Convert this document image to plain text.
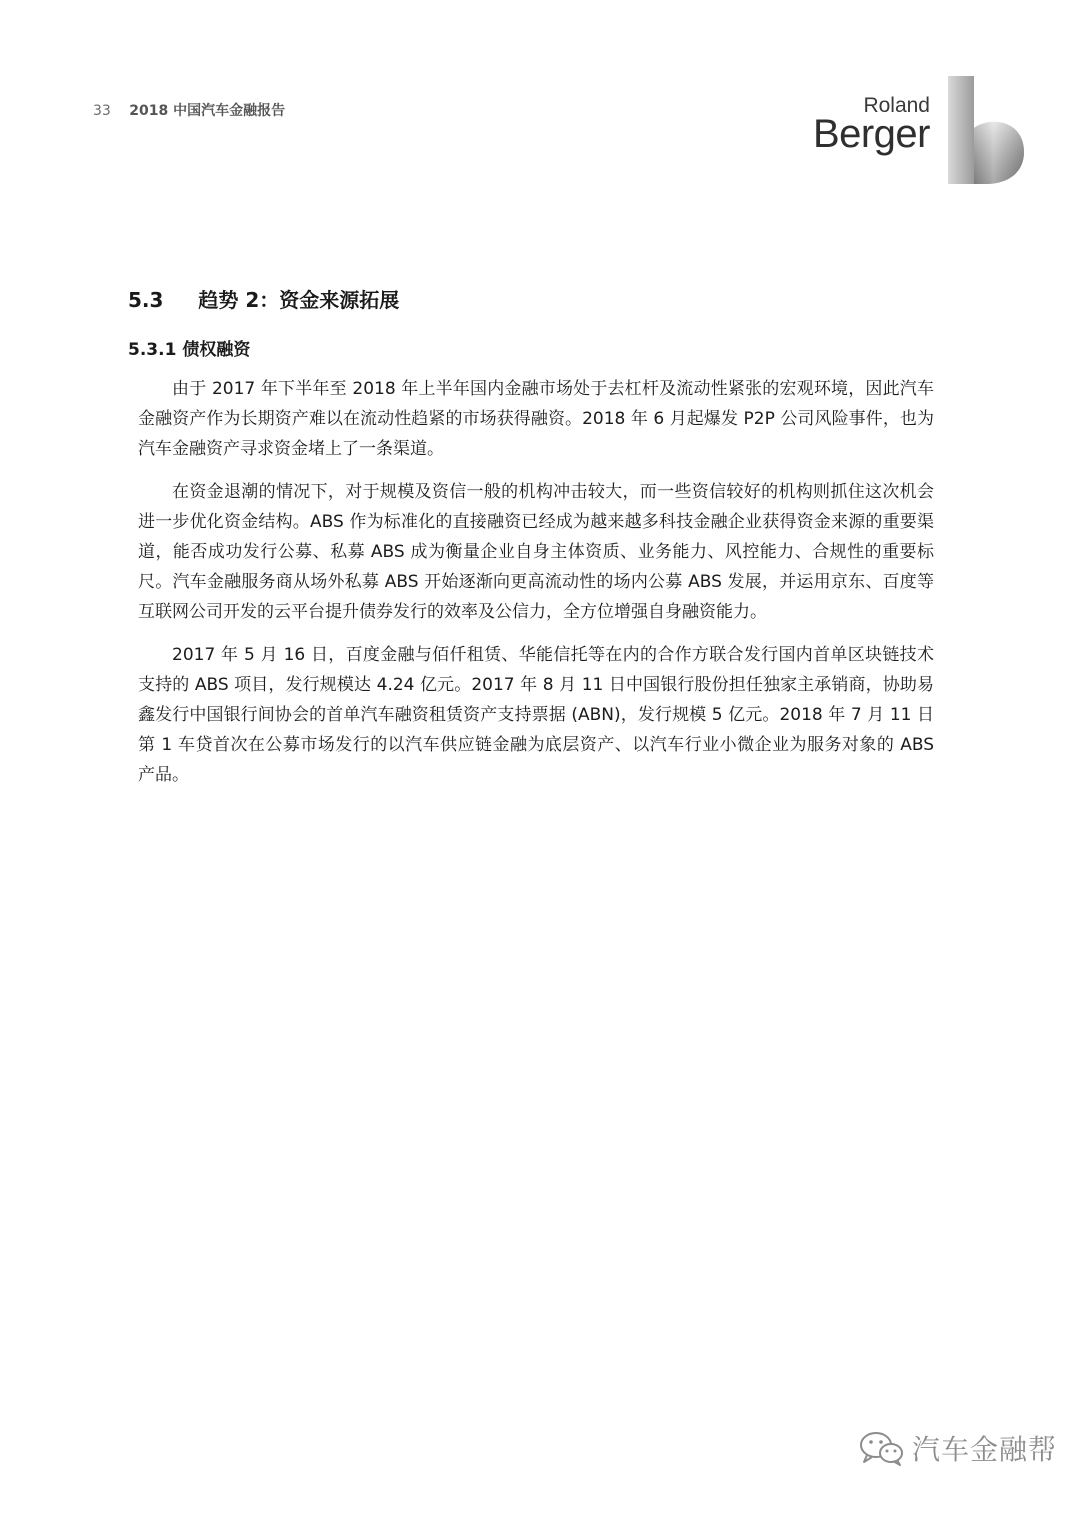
33 2018 中国汽车金融报告	Roland
Berger
5.3 趋势 2：资金来源拓展
5.3.1 债权融资

由于 2017 年下半年至 2018 年上半年国内金融市场处于去杠杆及流动性紧张的宏观环境，因此汽车金融资产作为长期资产难以在流动性趋紧的市场获得融资。2018 年 6 月起爆发 P2P 公司风险事件，也为汽车金融资产寻求资金堵上了一条渠道。

在资金退潮的情况下，对于规模及资信一般的机构冲击较大，而一些资信较好的机构则抓住这次机会进一步优化资金结构。ABS 作为标准化的直接融资已经成为越来越多科技金融企业获得资金来源的重要渠道，能否成功发行公募、私募 ABS 成为衡量企业自身主体资质、业务能力、风控能力、合规性的重要标尺。汽车金融服务商从场外私募 ABS 开始逐渐向更高流动性的场内公募 ABS 发展，并运用京东、百度等互联网公司开发的云平台提升债券发行的效率及公信力，全方位增强自身融资能力。

2017 年 5 月 16 日，百度金融与佰仟租赁、华能信托等在内的合作方联合发行国内首单区块链技术支持的 ABS 项目，发行规模达 4.24 亿元。2017 年 8 月 11 日中国银行股份担任独家主承销商，协助易鑫发行中国银行间协会的首单汽车融资租赁资产支持票据 (ABN)，发行规模 5 亿元。2018 年 7 月 11 日第 1 车贷首次在公募市场发行的以汽车供应链金融为底层资产、以汽车行业小微企业为服务对象的 ABS 产品。

汽车金融帮
